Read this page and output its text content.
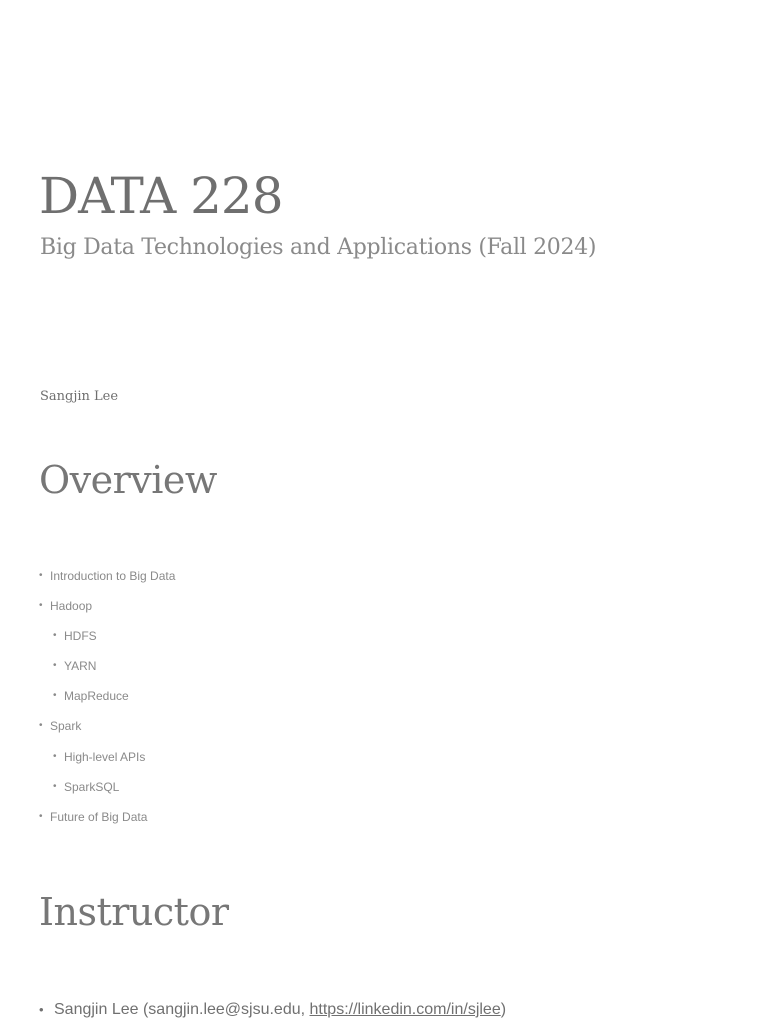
DATA 228
Big Data Technologies and Applications (Fall 2024)

Sangjin Lee

Overview
• Introduction to Big Data
• Hadoop
• HDFS
• YARN
• MapReduce
• Spark
• High-level APIs
• SparkSQL
• Future of Big Data
Instructor
• Sangjin Lee (sangjin.lee@sjsu.edu, https://linkedin.com/in/sjlee)
